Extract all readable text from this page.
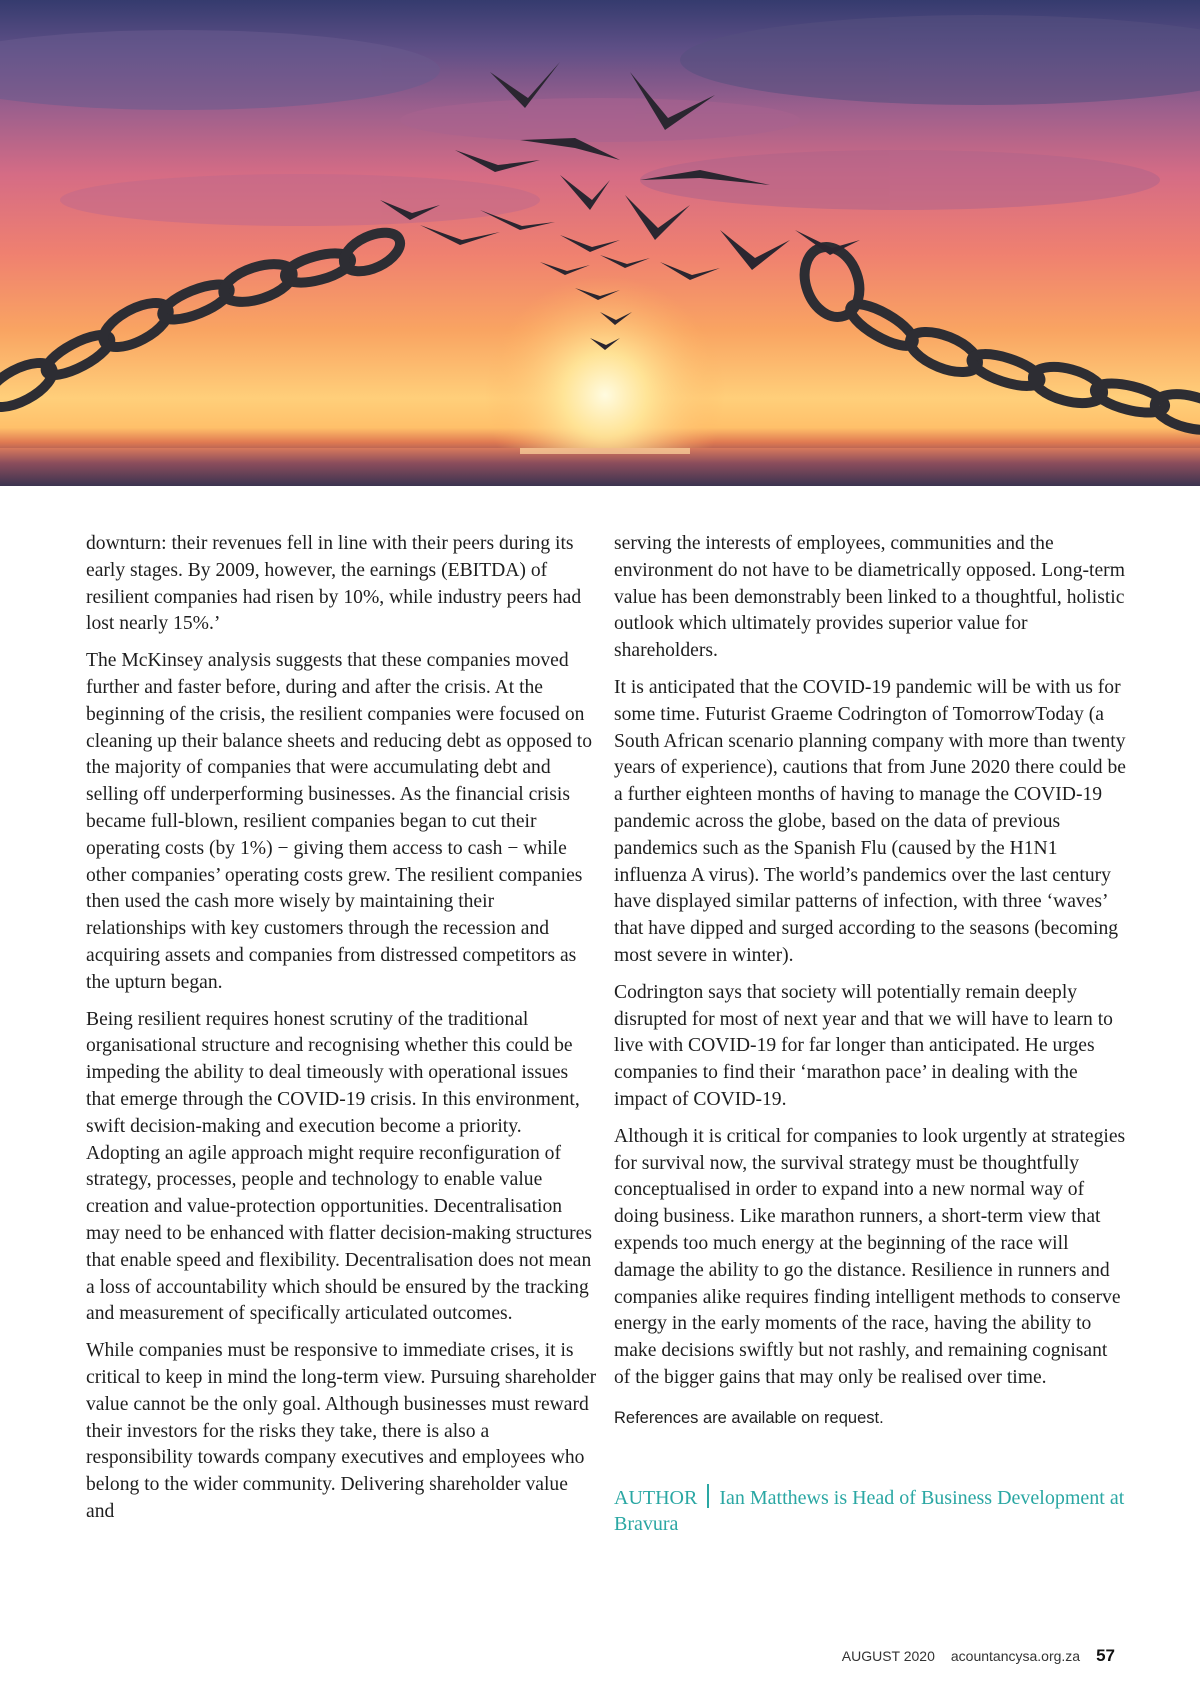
downturn: their revenues fell in line with their peers during its early stages. By 2009, however, the earnings (EBITDA) of resilient companies had risen by 10%, while industry peers had lost nearly 15%.’

The McKinsey analysis suggests that these companies moved further and faster before, during and after the crisis. At the beginning of the crisis, the resilient companies were focused on cleaning up their balance sheets and reducing debt as opposed to the majority of companies that were accumulating debt and selling off underperforming businesses. As the financial crisis became full-blown, resilient companies began to cut their operating costs (by 1%) − giving them access to cash − while other companies’ operating costs grew. The resilient companies then used the cash more wisely by maintaining their relationships with key customers through the recession and acquiring assets and companies from distressed competitors as the upturn began.

Being resilient requires honest scrutiny of the traditional organisational structure and recognising whether this could be impeding the ability to deal timeously with operational issues that emerge through the COVID-19 crisis. In this environment, swift decision-making and execution become a priority. Adopting an agile approach might require reconfiguration of strategy, processes, people and technology to enable value creation and value-protection opportunities. Decentralisation may need to be enhanced with flatter decision-making structures that enable speed and flexibility. Decentralisation does not mean a loss of accountability which should be ensured by the tracking and measurement of specifically articulated outcomes.

While companies must be responsive to immediate crises, it is critical to keep in mind the long-term view. Pursuing shareholder value cannot be the only goal. Although businesses must reward their investors for the risks they take, there is also a responsibility towards company executives and employees who belong to the wider community. Delivering shareholder value and

serving the interests of employees, communities and the environment do not have to be diametrically opposed. Long-term value has been demonstrably been linked to a thoughtful, holistic outlook which ultimately provides superior value for shareholders.

It is anticipated that the COVID-19 pandemic will be with us for some time. Futurist Graeme Codrington of TomorrowToday (a South African scenario planning company with more than twenty years of experience), cautions that from June 2020 there could be a further eighteen months of having to manage the COVID-19 pandemic across the globe, based on the data of previous pandemics such as the Spanish Flu (caused by the H1N1 influenza A virus). The world’s pandemics over the last century have displayed similar patterns of infection, with three ‘waves’ that have dipped and surged according to the seasons (becoming most severe in winter).

Codrington says that society will potentially remain deeply disrupted for most of next year and that we will have to learn to live with COVID-19 for far longer than anticipated. He urges companies to find their ‘marathon pace’ in dealing with the impact of COVID-19.

Although it is critical for companies to look urgently at strategies for survival now, the survival strategy must be thoughtfully conceptualised in order to expand into a new normal way of doing business. Like marathon runners, a short-term view that expends too much energy at the beginning of the race will damage the ability to go the distance. Resilience in runners and companies alike requires finding intelligent methods to conserve energy in the early moments of the race, having the ability to make decisions swiftly but not rashly, and remaining cognisant of the bigger gains that may only be realised over time.

References are available on request.
AUTHOR Ian Matthews is Head of Business Development at Bravura
AUGUST 2020 acountancysa.org.za 57
